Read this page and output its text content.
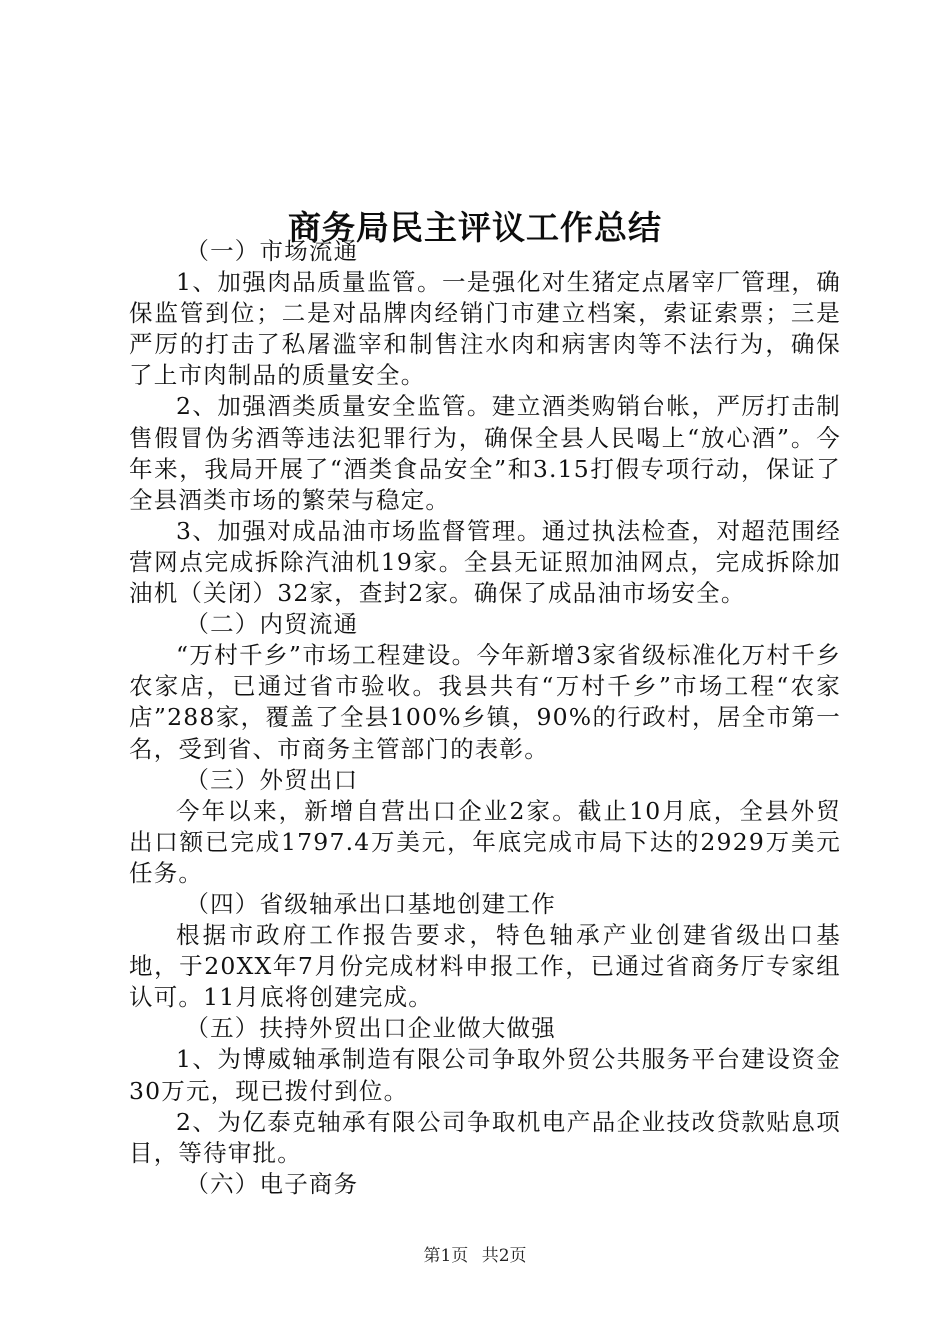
商务局民主评议工作总结

（一）市场流通

1、加强肉品质量监管。一是强化对生猪定点屠宰厂管理，确保监管到位；二是对品牌肉经销门市建立档案，索证索票；三是严厉的打击了私屠滥宰和制售注水肉和病害肉等不法行为，确保了上市肉制品的质量安全。

2、加强酒类质量安全监管。建立酒类购销台帐，严厉打击制售假冒伪劣酒等违法犯罪行为，确保全县人民喝上“放心酒”。今年来，我局开展了“酒类食品安全”和3.15打假专项行动，保证了全县酒类市场的繁荣与稳定。

3、加强对成品油市场监督管理。通过执法检查，对超范围经营网点完成拆除汽油机19家。全县无证照加油网点，完成拆除加油机（关闭）32家，查封2家。确保了成品油市场安全。

（二）内贸流通

“万村千乡”市场工程建设。今年新增3家省级标准化万村千乡农家店，已通过省市验收。我县共有“万村千乡”市场工程“农家店”288家，覆盖了全县100%乡镇，90%的行政村，居全市第一名，受到省、市商务主管部门的表彰。

（三）外贸出口

今年以来，新增自营出口企业2家。截止10月底，全县外贸出口额已完成1797.4万美元，年底完成市局下达的2929万美元任务。

（四）省级轴承出口基地创建工作

根据市政府工作报告要求，特色轴承产业创建省级出口基地，于20XX年7月份完成材料申报工作，已通过省商务厅专家组认可。11月底将创建完成。

（五）扶持外贸出口企业做大做强

1、为博威轴承制造有限公司争取外贸公共服务平台建设资金30万元，现已拨付到位。

2、为亿泰克轴承有限公司争取机电产品企业技改贷款贴息项目，等待审批。

（六）电子商务

第1页 共2页
